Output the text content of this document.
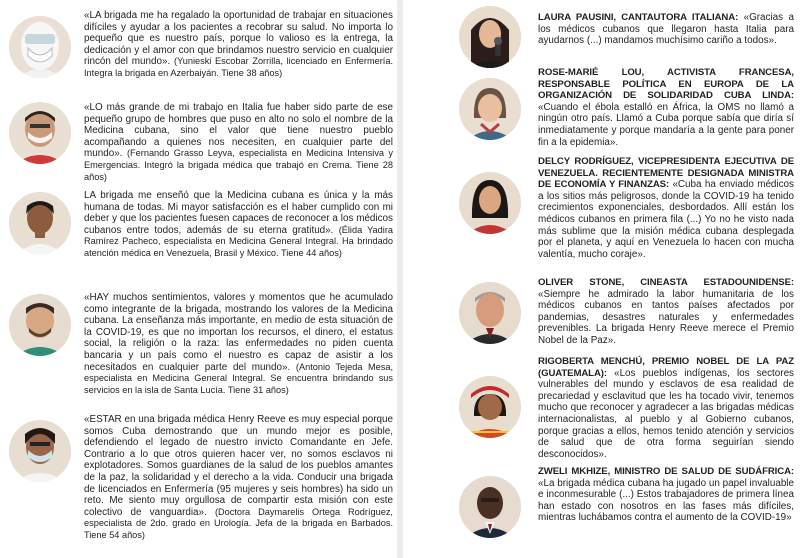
«LA brigada me ha regalado la oportunidad de trabajar en situaciones difíciles y ayudar a los pacientes a recobrar su salud. No importa lo pequeño que es nuestro país, porque lo valioso es la entrega, la dedicación y el amor con que brindamos nuestro servicio en cualquier rincón del mundo». (Yunieski Escobar Zorrilla, licenciado en Enfermería. Integra la brigada en Azerbaiyán. Tiene 38 años)
«LO más grande de mi trabajo en Italia fue haber sido parte de ese pequeño grupo de hombres que puso en alto no solo el nombre de la Medicina cubana, sino el valor que tiene nuestro pueblo acompañando a quienes nos necesiten, en cualquier parte del mundo». (Fernando Grasso Leyva, especialista en Medicina Intensiva y Emergencias. Integró la brigada médica que trabajó en Crema. Tiene 28 años)
LA brigada me enseñó que la Medicina cubana es única y la más humana de todas. Mi mayor satisfacción es el haber cumplido con mi deber y que los pacientes fuesen capaces de reconocer a los médicos cubanos entre todos, además de su eterna gratitud». (Élida Yadira Ramírez Pacheco, especialista en Medicina General Integral. Ha brindado atención médica en Venezuela, Brasil y México. Tiene 44 años)
«HAY muchos sentimientos, valores y momentos que he acumulado como integrante de la brigada, mostrando los valores de la Medicina cubana. La enseñanza más importante, en medio de esta situación de la COVID-19, es que no importan los recursos, el dinero, el estatus social, la religión o la raza: las enfermedades no piden cuenta bancaria y un país como el nuestro es capaz de asistir a los necesitados en cualquier parte del mundo». (Antonio Tejeda Mesa, especialista en Medicina General Integral. Se encuentra brindando sus servicios en la isla de Santa Lucía. Tiene 31 años)
«ESTAR en una brigada médica Henry Reeve es muy especial porque somos Cuba demostrando que un mundo mejor es posible, defendiendo el legado de nuestro invicto Comandante en Jefe. Contrario a lo que otros quieren hacer ver, no somos esclavos ni explotadores. Somos guardianes de la salud de los pueblos amantes de la paz, la solidaridad y el derecho a la vida. Conducir una brigada de licenciados en Enfermería (95 mujeres y seis hombres) ha sido un reto. Me siento muy orgullosa de compartir esta misión con este colectivo de vanguardia». (Doctora Daymarelis Ortega Rodríguez, especialista de 2do. grado en Urología. Jefa de la brigada en Barbados. Tiene 54 años)
LAURA PAUSINI, CANTAUTORA ITALIANA: «Gracias a los médicos cubanos que llegaron hasta Italia para ayudarnos (...) mandamos muchísimo cariño a todos».
ROSE-MARIÉ LOU, ACTIVISTA FRANCESA, RESPONSABLE POLÍTICA EN EUROPA DE LA ORGANIZACIÓN DE SOLIDARIDAD CUBA LINDA: «Cuando el ébola estalló en África, la OMS no llamó a ningún otro país. Llamó a Cuba porque sabía que diría sí inmediatamente y porque mandaría a la gente para poner fin a la epidemia».
DELCY RODRÍGUEZ, VICEPRESIDENTA EJECUTIVA DE VENEZUELA. RECIENTEMENTE DESIGNADA MINISTRA DE ECONOMÍA Y FINANZAS: «Cuba ha enviado médicos a los sitios más peligrosos, donde la COVID-19 ha tenido crecimientos exponenciales, desbordados. Allí están los médicos cubanos en primera fila (...) Yo no he visto nada más sublime que la misión médica cubana desplegada por el planeta, y aquí en Venezuela lo hacen con mucha valentía, mucho coraje».
OLIVER STONE, CINEASTA ESTADOUNIDENSE: «Siempre he admirado la labor humanitaria de los médicos cubanos en tantos países afectados por pandemias, desastres naturales y enfermedades prevenibles. La brigada Henry Reeve merece el Premio Nobel de la Paz».
RIGOBERTA MENCHÚ, PREMIO NOBEL DE LA PAZ (GUATEMALA): «Los pueblos indígenas, los sectores vulnerables del mundo y esclavos de esa realidad de precariedad y esclavitud que les ha tocado vivir, tenemos mucho que reconocer y agradecer a las brigadas médicas internacionalistas, al pueblo y al Gobierno cubanos, porque gracias a ellos, hemos tenido atención y servicios de salud que de otra forma seguirían siendo desconocidos».
ZWELI MKHIZE, MINISTRO DE SALUD DE SUDÁFRICA: «La brigada médica cubana ha jugado un papel invaluable e inconmesurable (...) Estos trabajadores de primera línea han estado con nosotros en las fases más difíciles, mientras luchábamos contra el aumento de la COVID-19»
